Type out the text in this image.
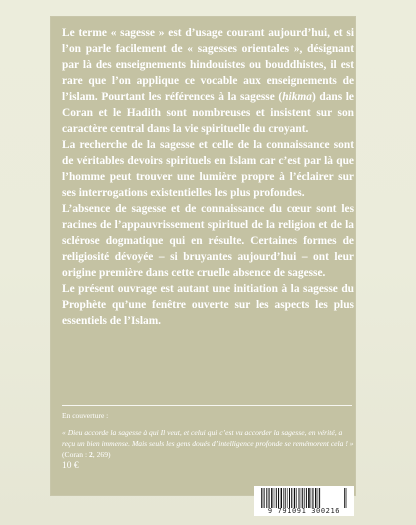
Le terme « sagesse » est d’usage courant aujourd’hui, et si l’on parle facilement de « sagesses orientales », désignant par là des enseignements hindouistes ou bouddhistes, il est rare que l’on applique ce vocable aux enseignements de l’islam. Pourtant les références à la sagesse (hikma) dans le Coran et le Hadith sont nombreuses et insistent sur son caractère central dans la vie spirituelle du croyant.

La recherche de la sagesse et celle de la connaissance sont de véritables devoirs spirituels en Islam car c’est par là que l’homme peut trouver une lumière propre à l’éclairer sur ses interrogations existentielles les plus profondes.

L’absence de sagesse et de connaissance du cœur sont les racines de l’appauvrissement spirituel de la religion et de la sclérose dogmatique qui en résulte. Certaines formes de religiosité dévoyée – si bruyantes aujourd’hui – ont leur origine première dans cette cruelle absence de sagesse.

Le présent ouvrage est autant une initiation à la sagesse du Prophète qu’une fenêtre ouverte sur les aspects les plus essentiels de l’Islam.

En couverture :
« Dieu accorde la sagesse à qui Il veut, et celui qui c’est vu accorder la sagesse, en vérité, a reçu un bien immense. Mais seuls les gens doués d’intelligence profonde se remémorent cela ! » (Coran : 2, 269)
10 €
9 791091 300216
